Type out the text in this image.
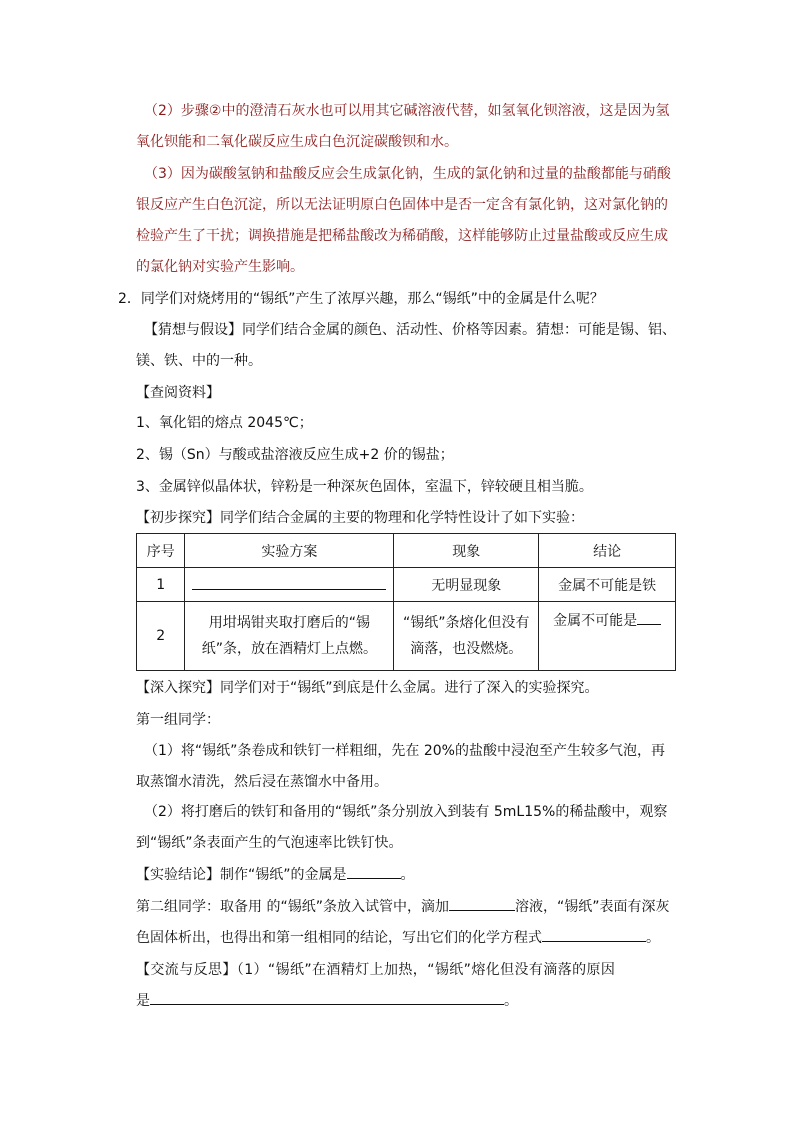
（2）步骤②中的澄清石灰水也可以用其它碱溶液代替，如氢氧化钡溶液，这是因为氢氧化钡能和二氧化碳反应生成白色沉淀碳酸钡和水。
（3）因为碳酸氢钠和盐酸反应会生成氯化钠，生成的氯化钠和过量的盐酸都能与硝酸银反应产生白色沉淀，所以无法证明原白色固体中是否一定含有氯化钠，这对氯化钠的检验产生了干扰；调换措施是把稀盐酸改为稀硝酸，这样能够防止过量盐酸或反应生成的氯化钠对实验产生影响。
2．同学们对烧烤用的“锡纸”产生了浓厚兴趣，那么“锡纸”中的金属是什么呢？
【猜想与假设】同学们结合金属的颜色、活动性、价格等因素。猜想：可能是锡、铝、镁、铁、中的一种。
【查阅资料】
1、氧化铝的熔点 2045℃；
2、锡（Sn）与酸或盐溶液反应生成+2 价的锡盐；
3、金属锌似晶体状，锌粉是一种深灰色固体，室温下，锌较硬且相当脆。
【初步探究】同学们结合金属的主要的物理和化学特性设计了如下实验：
序号	实验方案	现象	结论
1		无明显现象	金属不可能是铁
2	用坩埚钳夹取打磨后的“锡纸”条，放在酒精灯上点燃。	“锡纸”条熔化但没有滴落，也没燃烧。	金属不可能是
【深入探究】同学们对于“锡纸”到底是什么金属。进行了深入的实验探究。
第一组同学：
（1）将“锡纸”条卷成和铁钉一样粗细，先在 20%的盐酸中浸泡至产生较多气泡，再取蒸馏水清洗，然后浸在蒸馏水中备用。
（2）将打磨后的铁钉和备用的“锡纸”条分别放入到装有 5mL15%的稀盐酸中，观察到“锡纸”条表面产生的气泡速率比铁钉快。
【实验结论】制作“锡纸”的金属是	。
第二组同学：取备用 的“锡纸”条放入试管中，滴加	溶液，“锡纸”表面有深灰
色固体析出，也得出和第一组相同的结论，写出它们的化学方程式	。
【交流与反思】（1）“锡纸”在酒精灯上加热，“锡纸”熔化但没有滴落的原因
是	。
